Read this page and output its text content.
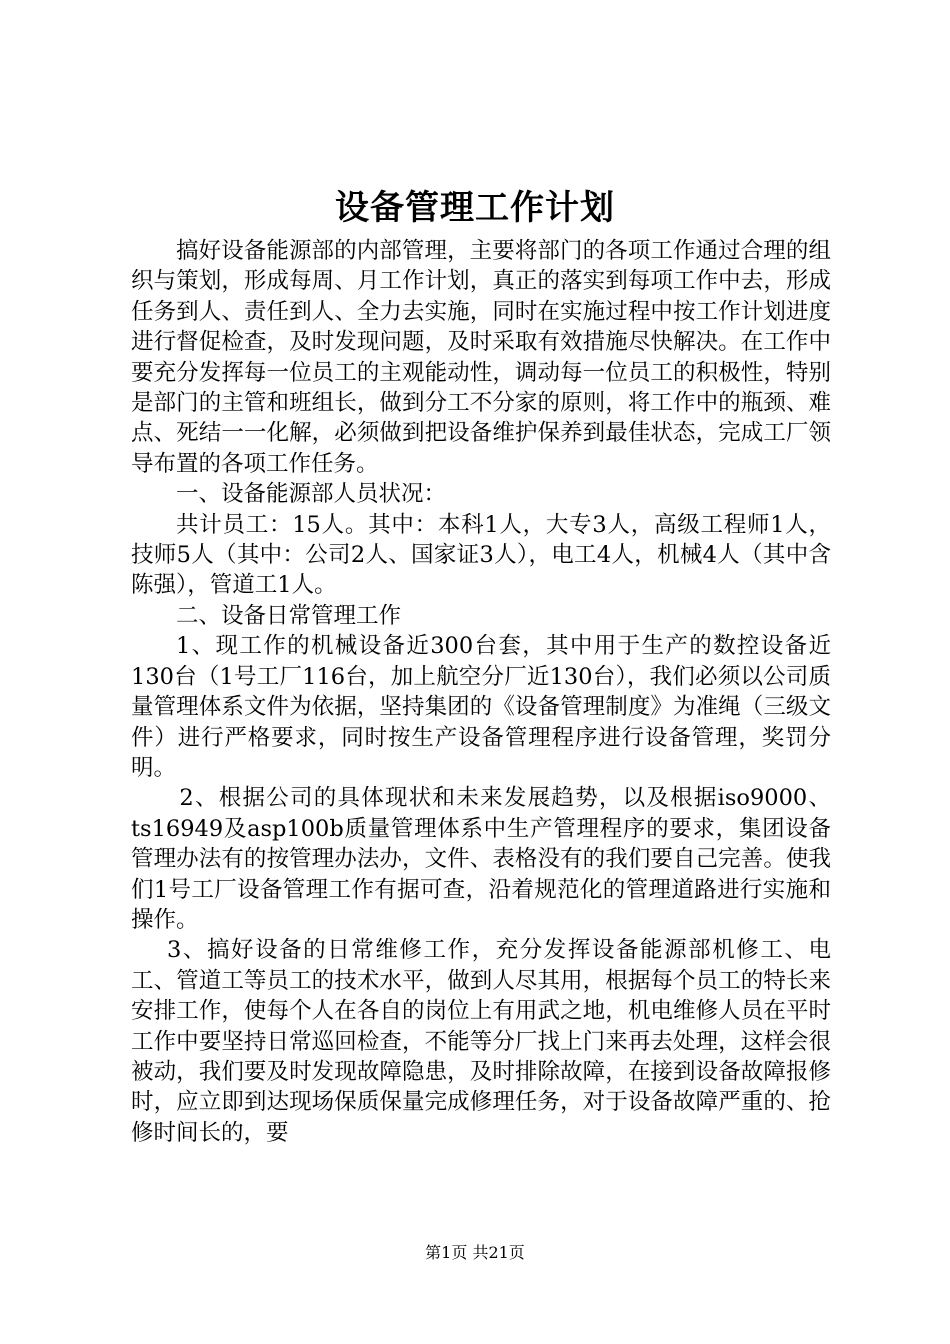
设备管理工作计划

搞好设备能源部的内部管理，主要将部门的各项工作通过合理的组织与策划，形成每周、月工作计划，真正的落实到每项工作中去，形成任务到人、责任到人、全力去实施，同时在实施过程中按工作计划进度进行督促检查，及时发现问题，及时采取有效措施尽快解决。在工作中要充分发挥每一位员工的主观能动性，调动每一位员工的积极性，特别是部门的主管和班组长，做到分工不分家的原则，将工作中的瓶颈、难点、死结一一化解，必须做到把设备维护保养到最佳状态，完成工厂领导布置的各项工作任务。

一、设备能源部人员状况：

共计员工：15人。其中：本科1人，大专3人，高级工程师1人，技师5人（其中：公司2人、国家证3人），电工4人，机械4人（其中含陈强），管道工1人。

二、设备日常管理工作

1、现工作的机械设备近300台套，其中用于生产的数控设备近130台（1号工厂116台，加上航空分厂近130台），我们必须以公司质量管理体系文件为依据，坚持集团的《设备管理制度》为准绳（三级文件）进行严格要求，同时按生产设备管理程序进行设备管理，奖罚分明。

2、根据公司的具体现状和未来发展趋势，以及根据iso9000、ts16949及asp100b质量管理体系中生产管理程序的要求，集团设备管理办法有的按管理办法办，文件、表格没有的我们要自己完善。使我们1号工厂设备管理工作有据可查，沿着规范化的管理道路进行实施和操作。

3、搞好设备的日常维修工作，充分发挥设备能源部机修工、电工、管道工等员工的技术水平，做到人尽其用，根据每个员工的特长来安排工作，使每个人在各自的岗位上有用武之地，机电维修人员在平时工作中要坚持日常巡回检查，不能等分厂找上门来再去处理，这样会很被动，我们要及时发现故障隐患，及时排除故障，在接到设备故障报修时，应立即到达现场保质保量完成修理任务，对于设备故障严重的、抢修时间长的，要

第1页 共21页
